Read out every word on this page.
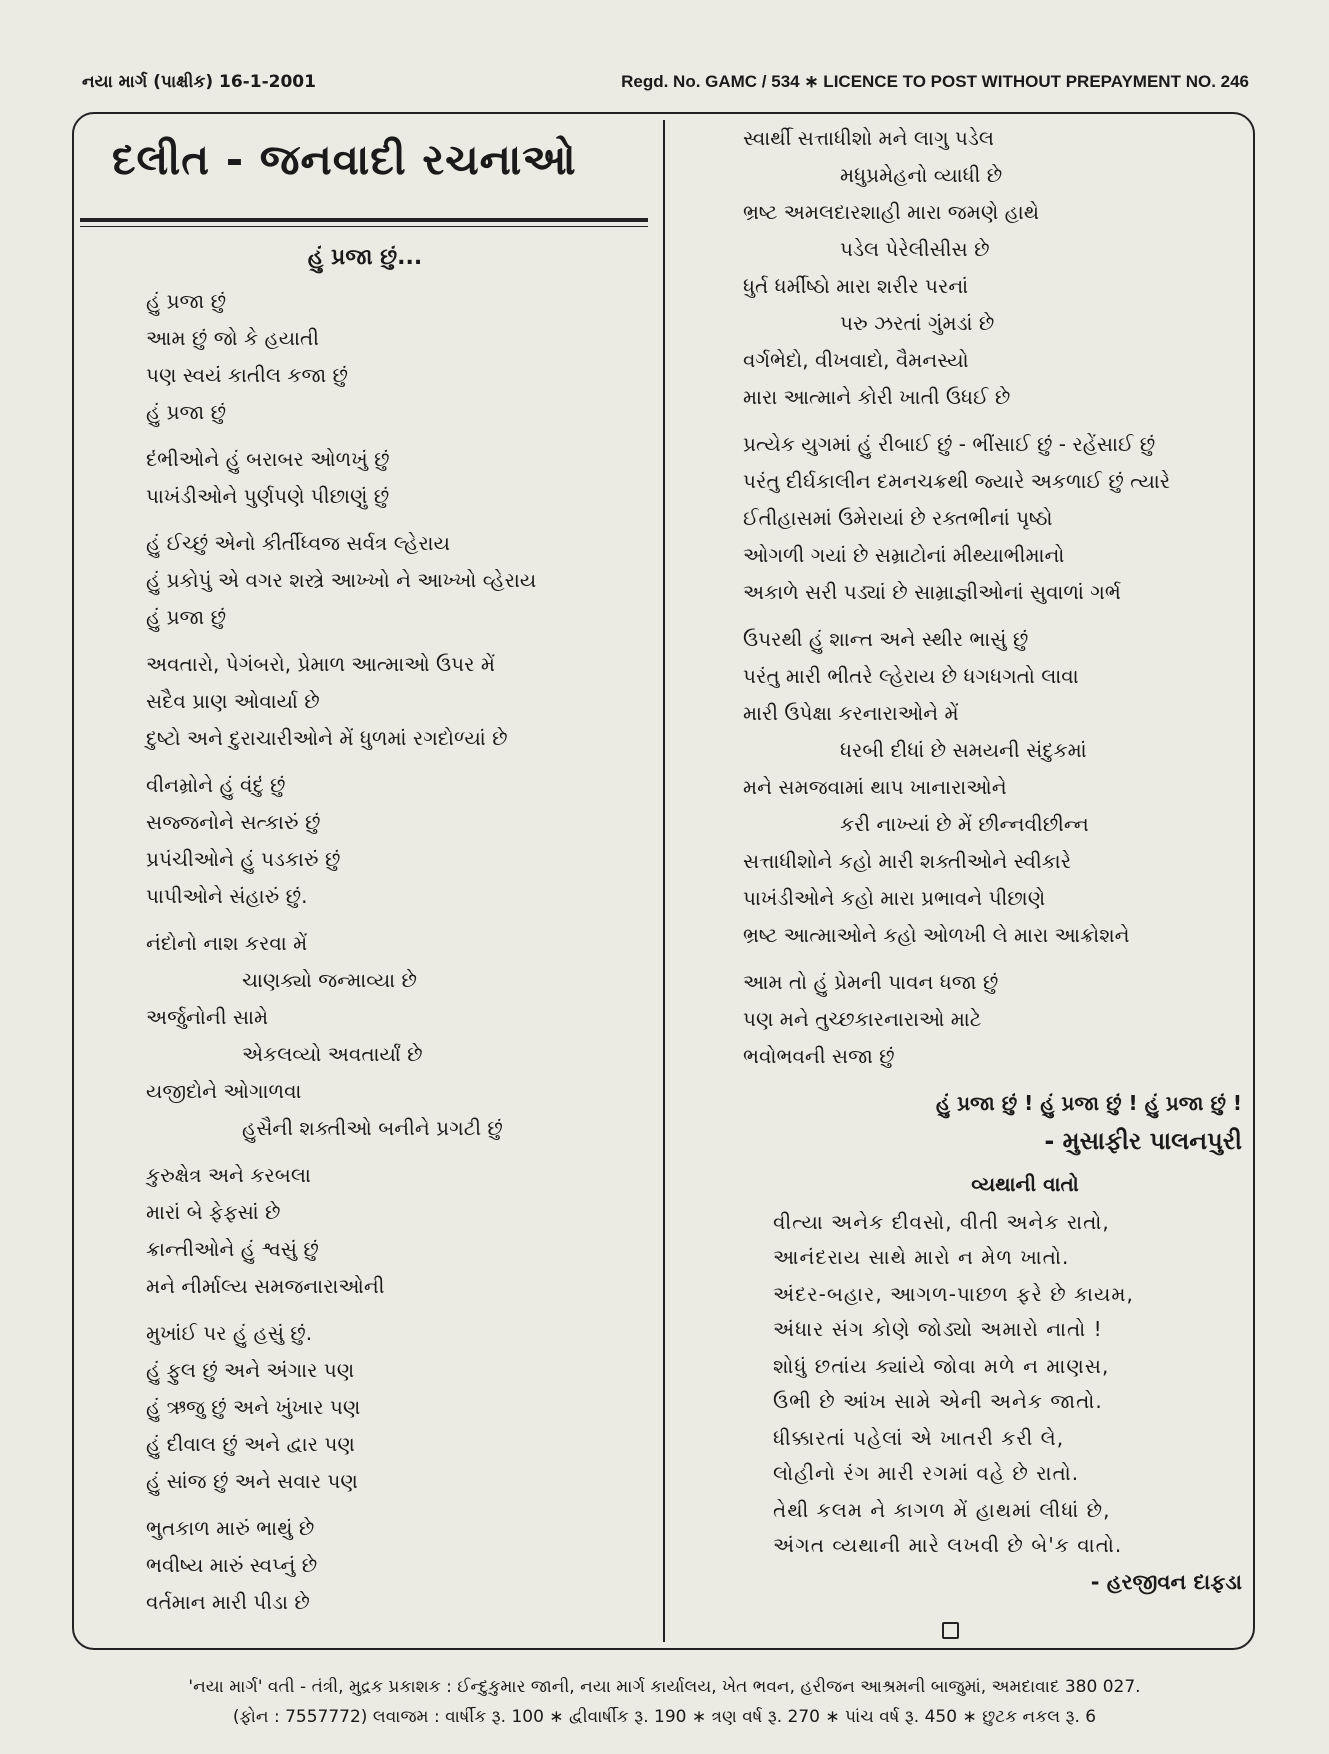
નયા માર્ગ (પાક્ષીક) 16-1-2001	Regd. No. GAMC / 534 ∗ LICENCE TO POST WITHOUT PREPAYMENT NO. 246
દલીત - જનવાદી રચનાઓ
હું પ્રજા છું...
હું પ્રજા છું
આમ છું જો કે હયાતી
પણ સ્વયં કાતીલ કજા છું
હું પ્રજા છું
દંભીઓને હું બરાબર ઓળખું છું
પાખંડીઓને પુર્ણપણે પીછાણું છું
હું ઈચ્છું એનો કીર્તીધ્વજ સર્વત્ર લ્હેરાય
હું પ્રકોપું એ વગર શસ્ત્રે આખ્ખો ને આખ્ખો વ્હેરાય
હું પ્રજા છું
અવતારો, પેગંબરો, પ્રેમાળ આત્માઓ ઉપર મેં
સદૈવ પ્રાણ ઓવાર્યા છે
દુષ્ટો અને દુરાચારીઓને મેં ધુળમાં રગદોળ્યાં છે
વીનમ્રોને હું વંદું છું
સજ્જનોને સત્કારું છું
પ્રપંચીઓને હું પડકારું છું
પાપીઓને સંહારું છું.
નંદોનો નાશ કરવા મેં
ચાણક્યો જન્માવ્યા છે
અર્જુનોની સામે
એકલવ્યો અવતાર્યાં છે
યજીદોને ઓગાળવા
હુસૈની શક્તીઓ બનીને પ્રગટી છું
કુરુક્ષેત્ર અને કરબલા
મારાં બે ફેફસાં છે
ક્રાન્તીઓને હું શ્વસું છું
મને નીર્માલ્ય સમજનારાઓની
મુખાંઈ પર હું હસું છું.
હું ફુલ છું અને અંગાર પણ
હું ઋજુ છું અને ખુંખાર પણ
હું દીવાલ છું અને દ્વાર પણ
હું સાંજ છું અને સવાર પણ
ભુતકાળ મારું ભાથું છે
ભવીષ્ય મારું સ્વપ્નું છે
વર્તમાન મારી પીડા છે
સ્વાર્થી સત્તાધીશો મને લાગુ પડેલ
મધુપ્રમેહનો વ્યાધી છે
ભ્રષ્ટ અમલદારશાહી મારા જમણે હાથે
પડેલ પેરેલીસીસ છે
ધુર્ત ધર્મીષ્ઠો મારા શરીર પરનાં
પરુ ઝરતાં ગુંમડાં છે
વર્ગભેદો, વીખવાદો, વૈમનસ્યો
મારા આત્માને કોરી ખાતી ઉધઈ છે
પ્રત્યેક યુગમાં હું રીબાઈ છું - ભીંસાઈ છું - રહેંસાઈ છું
પરંતુ દીર્ઘકાલીન દમનચક્રથી જ્યારે અકળાઈ છું ત્યારે
ઈતીહાસમાં ઉમેરાયાં છે રક્તભીનાં પૃષ્ઠો
ઓગળી ગયાં છે સમ્રાટોનાં મીથ્યાભીમાનો
અકાળે સરી પડ્યાં છે સામ્રાજ્ઞીઓનાં સુવાળાં ગર્ભ
ઉપરથી હું શાન્ત અને સ્થીર ભાસું છું
પરંતુ મારી ભીતરે લ્હેરાય છે ધગધગતો લાવા
મારી ઉપેક્ષા કરનારાઓને મેં
ધરબી દીધાં છે સમયની સંદુકમાં
મને સમજવામાં થાપ ખાનારાઓને
કરી નાખ્યાં છે મેં છીન્નવીછીન્ન
સત્તાધીશોને કહો મારી શક્તીઓને સ્વીકારે
પાખંડીઓને કહો મારા પ્રભાવને પીછાણે
ભ્રષ્ટ આત્માઓને કહો ઓળખી લે મારા આક્રોશને
આમ તો હું પ્રેમની પાવન ધજા છું
પણ મને તુચ્છકારનારાઓ માટે
ભવોભવની સજા છું
હું પ્રજા છું ! હું પ્રજા છું ! હું પ્રજા છું !
- મુસાફીર પાલનપુરી
વ્યથાની વાતો
વીત્યા અનેક દીવસો, વીતી અનેક રાતો,
આનંદરાય સાથે મારો ન મેળ ખાતો.
અંદર-બહાર, આગળ-પાછળ ફરે છે કાયમ,
અંધાર સંગ કોણે જોડ્યો અમારો નાતો !
શોધું છતાંય ક્યાંયે જોવા મળે ન માણસ,
ઉભી છે આંખ સામે એની અનેક જાતો.
ધીક્કારતાં પહેલાં એ ખાતરી કરી લે,
લોહીનો રંગ મારી રગમાં વહે છે રાતો.
તેથી કલમ ને કાગળ મેં હાથમાં લીધાં છે,
અંગત વ્યથાની મારે લખવી છે બે'ક વાતો.
- હરજીવન દાફડા
'નયા માર્ગ' વતી - તંત્રી, મુદ્રક પ્રકાશક : ઈન્દુકુમાર જાની, નયા માર્ગ કાર્યાલય, ખેત ભવન, હરીજન આશ્રમની બાજુમાં, અમદાવાદ 380 027.
(ફોન : 7557772) લવાજમ : વાર્ષીક રૂ. 100 ∗ દ્વીવાર્ષીક રૂ. 190 ∗ ત્રણ વર્ષ રૂ. 270 ∗ પાંચ વર્ષ રૂ. 450 ∗ છુટક નકલ રૂ. 6
